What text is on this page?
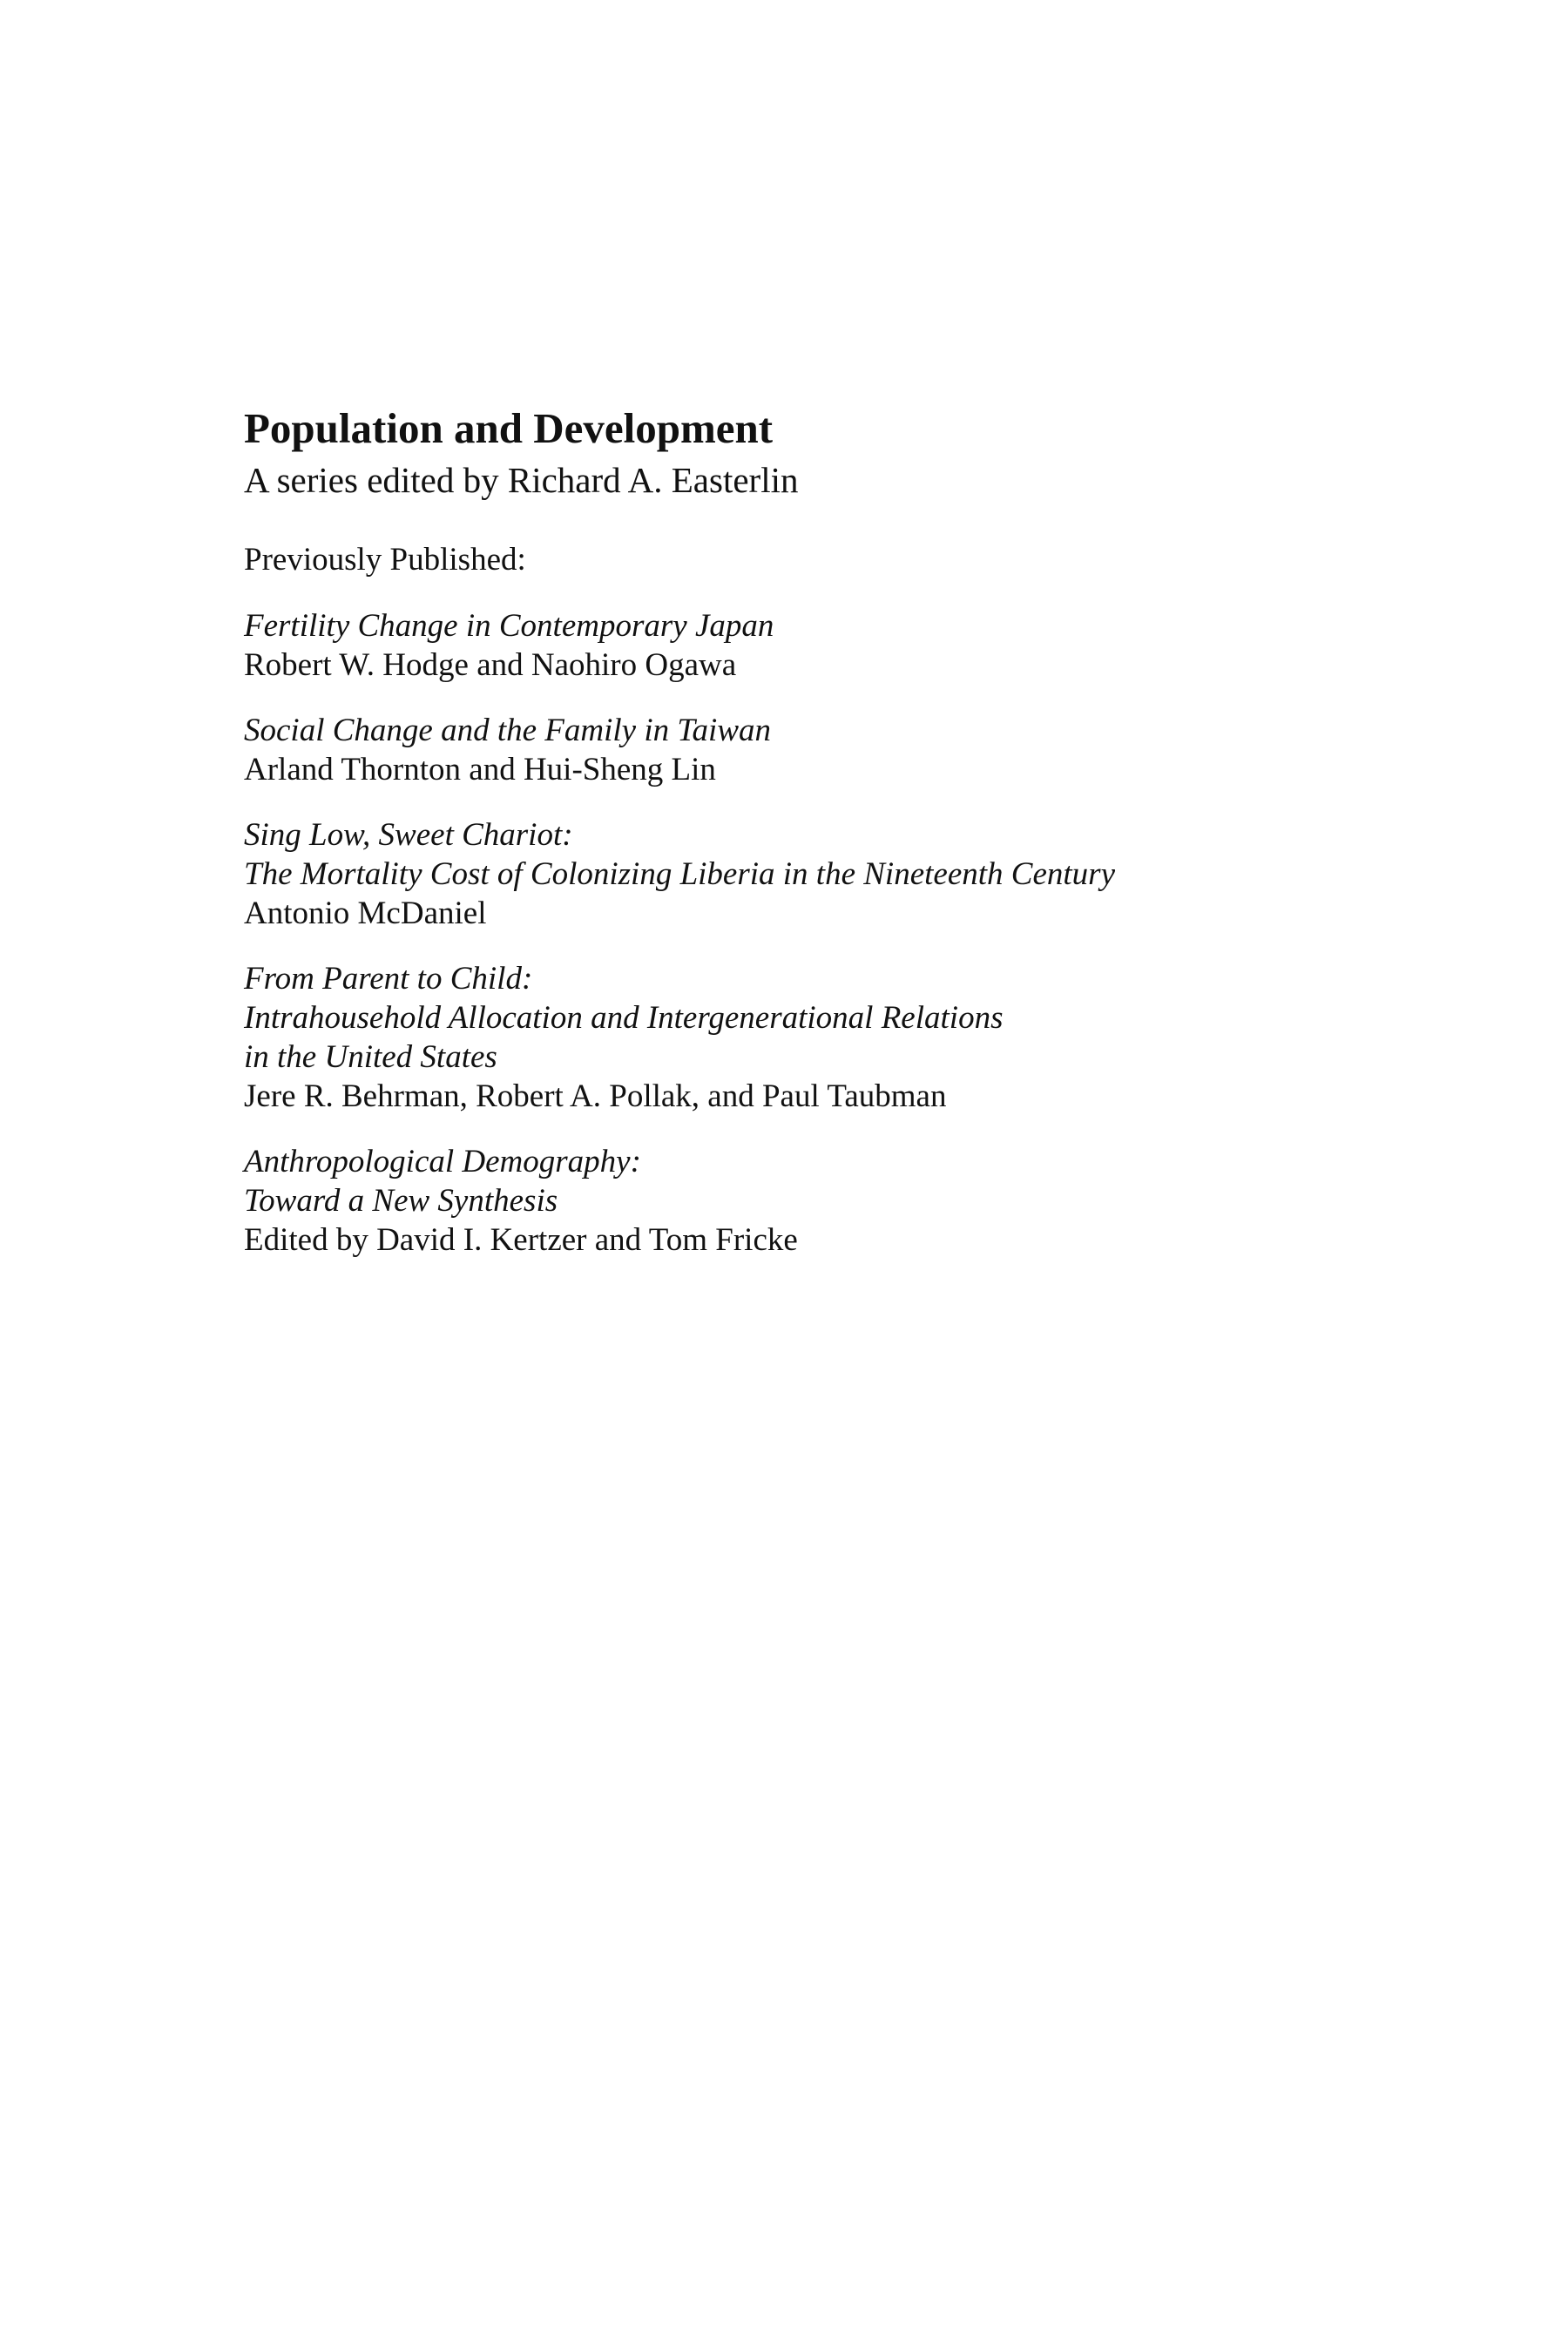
Population and Development

A series edited by Richard A. Easterlin

Previously Published:

Fertility Change in Contemporary Japan
Robert W. Hodge and Naohiro Ogawa
Social Change and the Family in Taiwan
Arland Thornton and Hui-Sheng Lin
Sing Low, Sweet Chariot:
The Mortality Cost of Colonizing Liberia in the Nineteenth Century
Antonio McDaniel
From Parent to Child:
Intrahousehold Allocation and Intergenerational Relations
in the United States
Jere R. Behrman, Robert A. Pollak, and Paul Taubman
Anthropological Demography:
Toward a New Synthesis
Edited by David I. Kertzer and Tom Fricke
